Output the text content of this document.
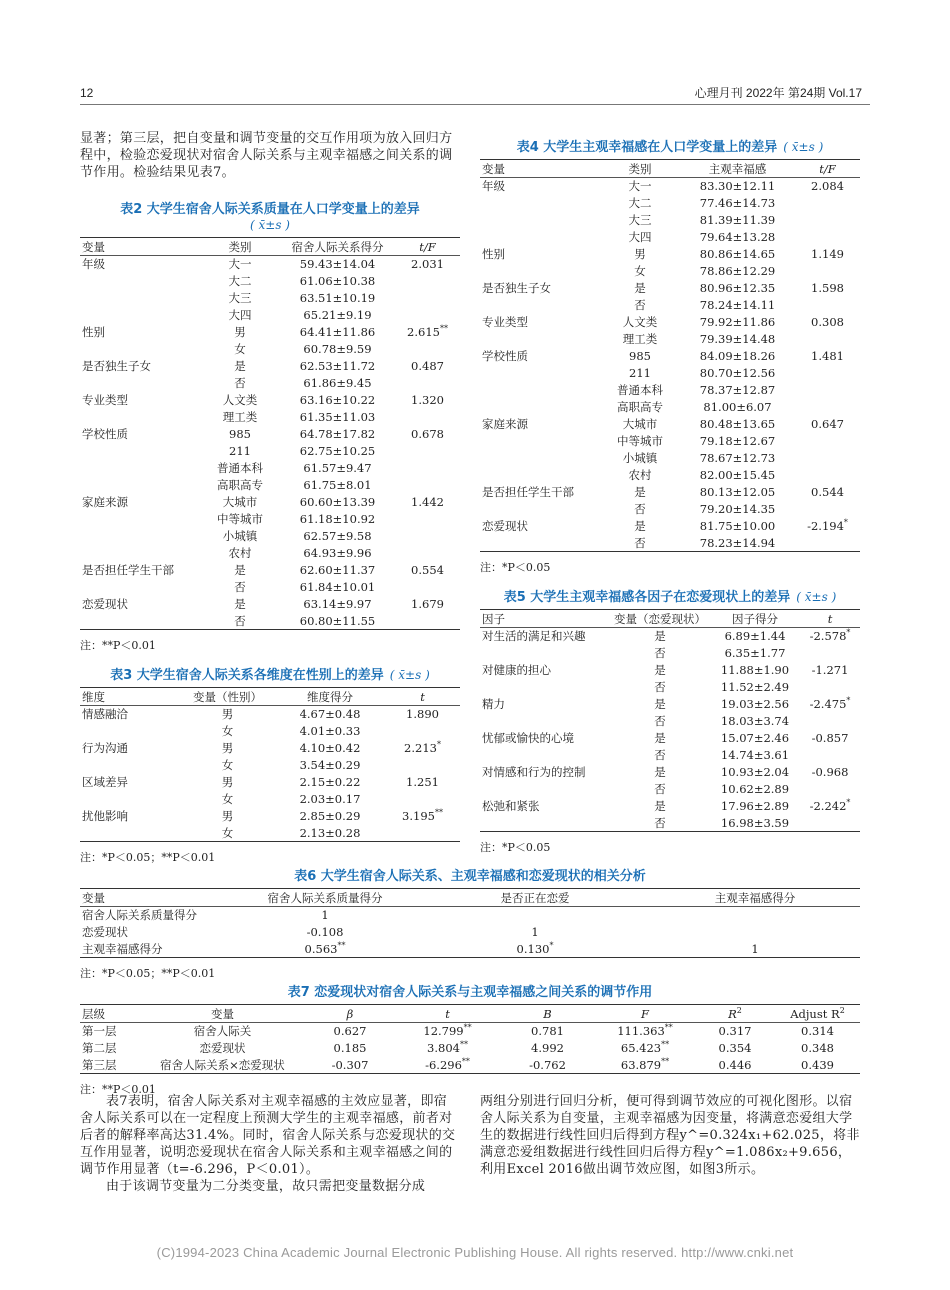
12	心理月刊 2022年 第24期 Vol.17

显著；第三层，把自变量和调节变量的交互作用项为放入回归方程中，检验恋爱现状对宿舍人际关系与主观幸福感之间关系的调节作用。检验结果见表7。

表2 大学生宿舍人际关系质量在人口学变量上的差异
( x̄±s )
变量	类别	宿舍人际关系得分	t/F
年级	大一	59.43±14.04	2.031
	大二	61.06±10.38	
	大三	63.51±10.19	
	大四	65.21±9.19	
性别	男	64.41±11.86	2.615**
	女	60.78±9.59	
是否独生子女	是	62.53±11.72	0.487
	否	61.86±9.45	
专业类型	人文类	63.16±10.22	1.320
	理工类	61.35±11.03	
学校性质	985	64.78±17.82	0.678
	211	62.75±10.25	
	普通本科	61.57±9.47	
	高职高专	61.75±8.01	
家庭来源	大城市	60.60±13.39	1.442
	中等城市	61.18±10.92	
	小城镇	62.57±9.58	
	农村	64.93±9.96	
是否担任学生干部	是	62.60±11.37	0.554
	否	61.84±10.01	
恋爱现状	是	63.14±9.97	1.679
	否	60.80±11.55	
注：**P＜0.01
表3 大学生宿舍人际关系各维度在性别上的差异 ( x̄±s )
维度	变量（性别）	维度得分	t
情感融洽	男	4.67±0.48	1.890
	女	4.01±0.33	
行为沟通	男	4.10±0.42	2.213*
	女	3.54±0.29	
区域差异	男	2.15±0.22	1.251
	女	2.03±0.17	
扰他影响	男	2.85±0.29	3.195**
	女	2.13±0.28	
注：*P＜0.05；**P＜0.01
表4 大学生主观幸福感在人口学变量上的差异 ( x̄±s )
变量	类别	主观幸福感	t/F
年级	大一	83.30±12.11	2.084
	大二	77.46±14.73	
	大三	81.39±11.39	
	大四	79.64±13.28	
性别	男	80.86±14.65	1.149
	女	78.86±12.29	
是否独生子女	是	80.96±12.35	1.598
	否	78.24±14.11	
专业类型	人文类	79.92±11.86	0.308
	理工类	79.39±14.48	
学校性质	985	84.09±18.26	1.481
	211	80.70±12.56	
	普通本科	78.37±12.87	
	高职高专	81.00±6.07	
家庭来源	大城市	80.48±13.65	0.647
	中等城市	79.18±12.67	
	小城镇	78.67±12.73	
	农村	82.00±15.45	
是否担任学生干部	是	80.13±12.05	0.544
	否	79.20±14.35	
恋爱现状	是	81.75±10.00	-2.194*
	否	78.23±14.94	
注：*P＜0.05
表5 大学生主观幸福感各因子在恋爱现状上的差异 ( x̄±s )
因子	变量（恋爱现状）	因子得分	t
对生活的满足和兴趣	是	6.89±1.44	-2.578*
	否	6.35±1.77	
对健康的担心	是	11.88±1.90	-1.271
	否	11.52±2.49	
精力	是	19.03±2.56	-2.475*
	否	18.03±3.74	
忧郁或愉快的心境	是	15.07±2.46	-0.857
	否	14.74±3.61	
对情感和行为的控制	是	10.93±2.04	-0.968
	否	10.62±2.89	
松弛和紧张	是	17.96±2.89	-2.242*
	否	16.98±3.59	
注：*P＜0.05
表6 大学生宿舍人际关系、主观幸福感和恋爱现状的相关分析
变量	宿舍人际关系质量得分	是否正在恋爱	主观幸福感得分
宿舍人际关系质量得分	1		
恋爱现状	-0.108	1	
主观幸福感得分	0.563**	0.130*	1
注：*P＜0.05；**P＜0.01
表7 恋爱现状对宿舍人际关系与主观幸福感之间关系的调节作用
层级	变量	β	t	B	F	$R^2$	Adjust $R^2$
第一层	宿舍人际关	0.627	12.799**	0.781	111.363**	0.317	0.314
第二层	恋爱现状	0.185	3.804**	4.992	65.423**	0.354	0.348
第三层	宿舍人际关系×恋爱现状	-0.307	-6.296**	-0.762	63.879**	0.446	0.439
注：**P＜0.01

表7表明，宿舍人际关系对主观幸福感的主效应显著，即宿舍人际关系可以在一定程度上预测大学生的主观幸福感，前者对后者的解释率高达31.4%。同时，宿舍人际关系与恋爱现状的交互作用显著，说明恋爱现状在宿舍人际关系和主观幸福感之间的调节作用显著（t=-6.296，P＜0.01）。

由于该调节变量为二分类变量，故只需把变量数据分成

两组分别进行回归分析，便可得到调节效应的可视化图形。以宿舍人际关系为自变量，主观幸福感为因变量，将满意恋爱组大学生的数据进行线性回归后得到方程y^=0.324x₁+62.025，将非满意恋爱组数据进行线性回归后得方程y^=1.086x₂+9.656，利用Excel 2016做出调节效应图，如图3所示。

(C)1994-2023 China Academic Journal Electronic Publishing House. All rights reserved. http://www.cnki.net
